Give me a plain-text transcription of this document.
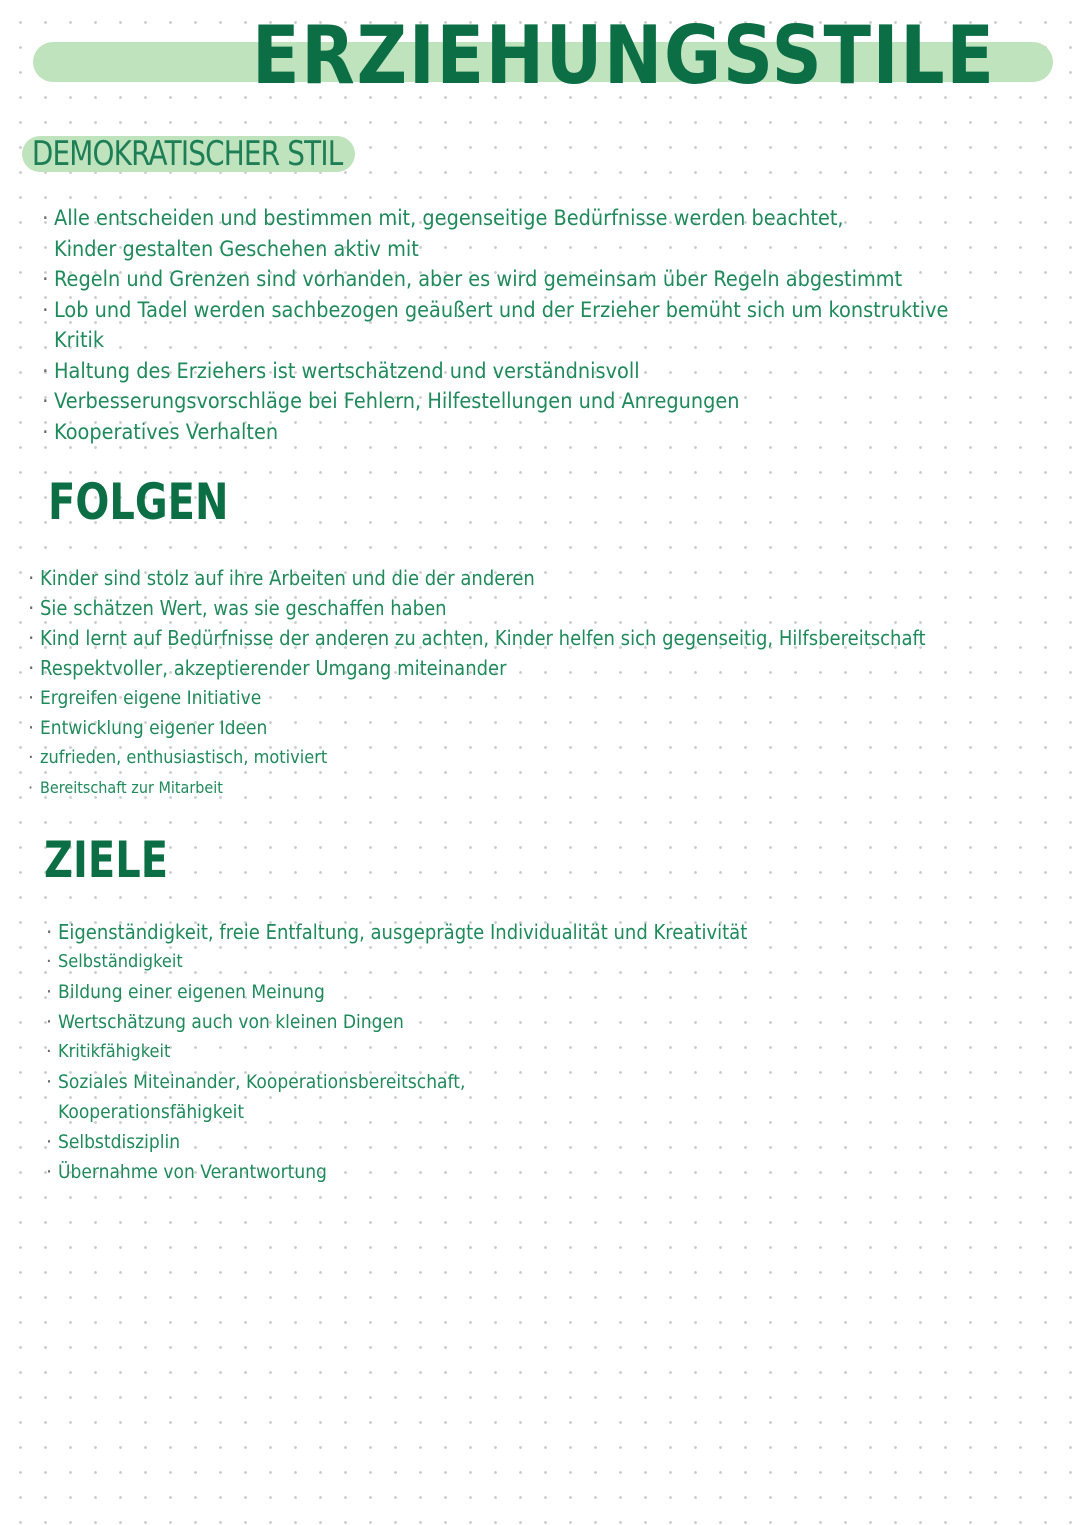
ERZIEHUNGSSTILE
DEMOKRATISCHER STIL
· Alle entscheiden und bestimmen mit, gegenseitige Bedürfnisse werden beachtet,
Kinder gestalten Geschehen aktiv mit
· Regeln und Grenzen sind vorhanden, aber es wird gemeinsam über Regeln abgestimmt
· Lob und Tadel werden sachbezogen geäußert und der Erzieher bemüht sich um konstruktive
Kritik
· Haltung des Erziehers ist wertschätzend und verständnisvoll
· Verbesserungsvorschläge bei Fehlern, Hilfestellungen und Anregungen
· Kooperatives Verhalten
FOLGEN
· Kinder sind stolz auf ihre Arbeiten und die der anderen
· Sie schätzen Wert, was sie geschaffen haben
· Kind lernt auf Bedürfnisse der anderen zu achten, Kinder helfen sich gegenseitig, Hilfsbereitschaft
· Respektvoller, akzeptierender Umgang miteinander
· Ergreifen eigene Initiative
· Entwicklung eigener Ideen
· zufrieden, enthusiastisch, motiviert
· Bereitschaft zur Mitarbeit
ZIELE
· Eigenständigkeit, freie Entfaltung, ausgeprägte Individualität und Kreativität
· Selbständigkeit
· Bildung einer eigenen Meinung
· Wertschätzung auch von kleinen Dingen
· Kritikfähigkeit
· Soziales Miteinander, Kooperationsbereitschaft,
Kooperationsfähigkeit
· Selbstdisziplin
· Übernahme von Verantwortung
